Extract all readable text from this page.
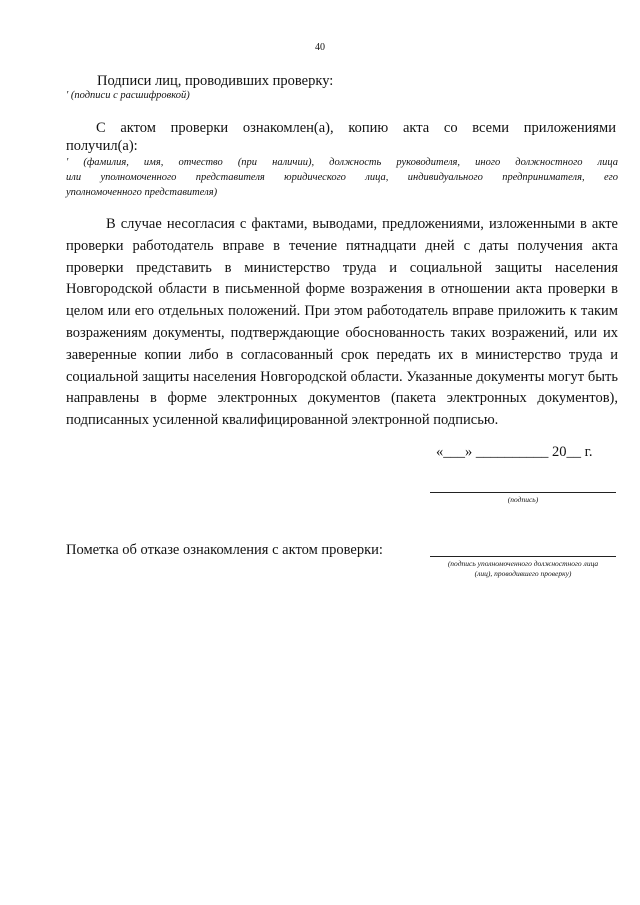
40
Подписи лиц, проводивших проверку:
' (подписи с расшифровкой)
С актом проверки ознакомлен(а), копию акта со всеми приложениями
получил(а):
' (фамилия, имя, отчество (при наличии), должность руководителя, иного должностного лица
или уполномоченного представителя юридического лица, индивидуального предпринимателя, его
уполномоченного представителя)
В случае несогласия с фактами, выводами, предложениями, изложенными в акте проверки работодатель вправе в течение пятнадцати дней с даты получения акта проверки представить в министерство труда и социальной защиты населения Новгородской области в письменной форме возражения в отношении акта проверки в целом или его отдельных положений. При этом работодатель вправе приложить к таким возражениям документы, подтверждающие обоснованность таких возражений, или их заверенные копии либо в согласованный срок передать их в министерство труда и социальной защиты населения Новгородской области. Указанные документы могут быть направлены в форме электронных документов (пакета электронных документов), подписанных усиленной квалифицированной электронной подписью.
«___» __________ 20__ г.
(подпись)
Пометка об отказе ознакомления с актом проверки:
(подпись уполномоченного должностного лица
(лиц), проводившего проверку)
